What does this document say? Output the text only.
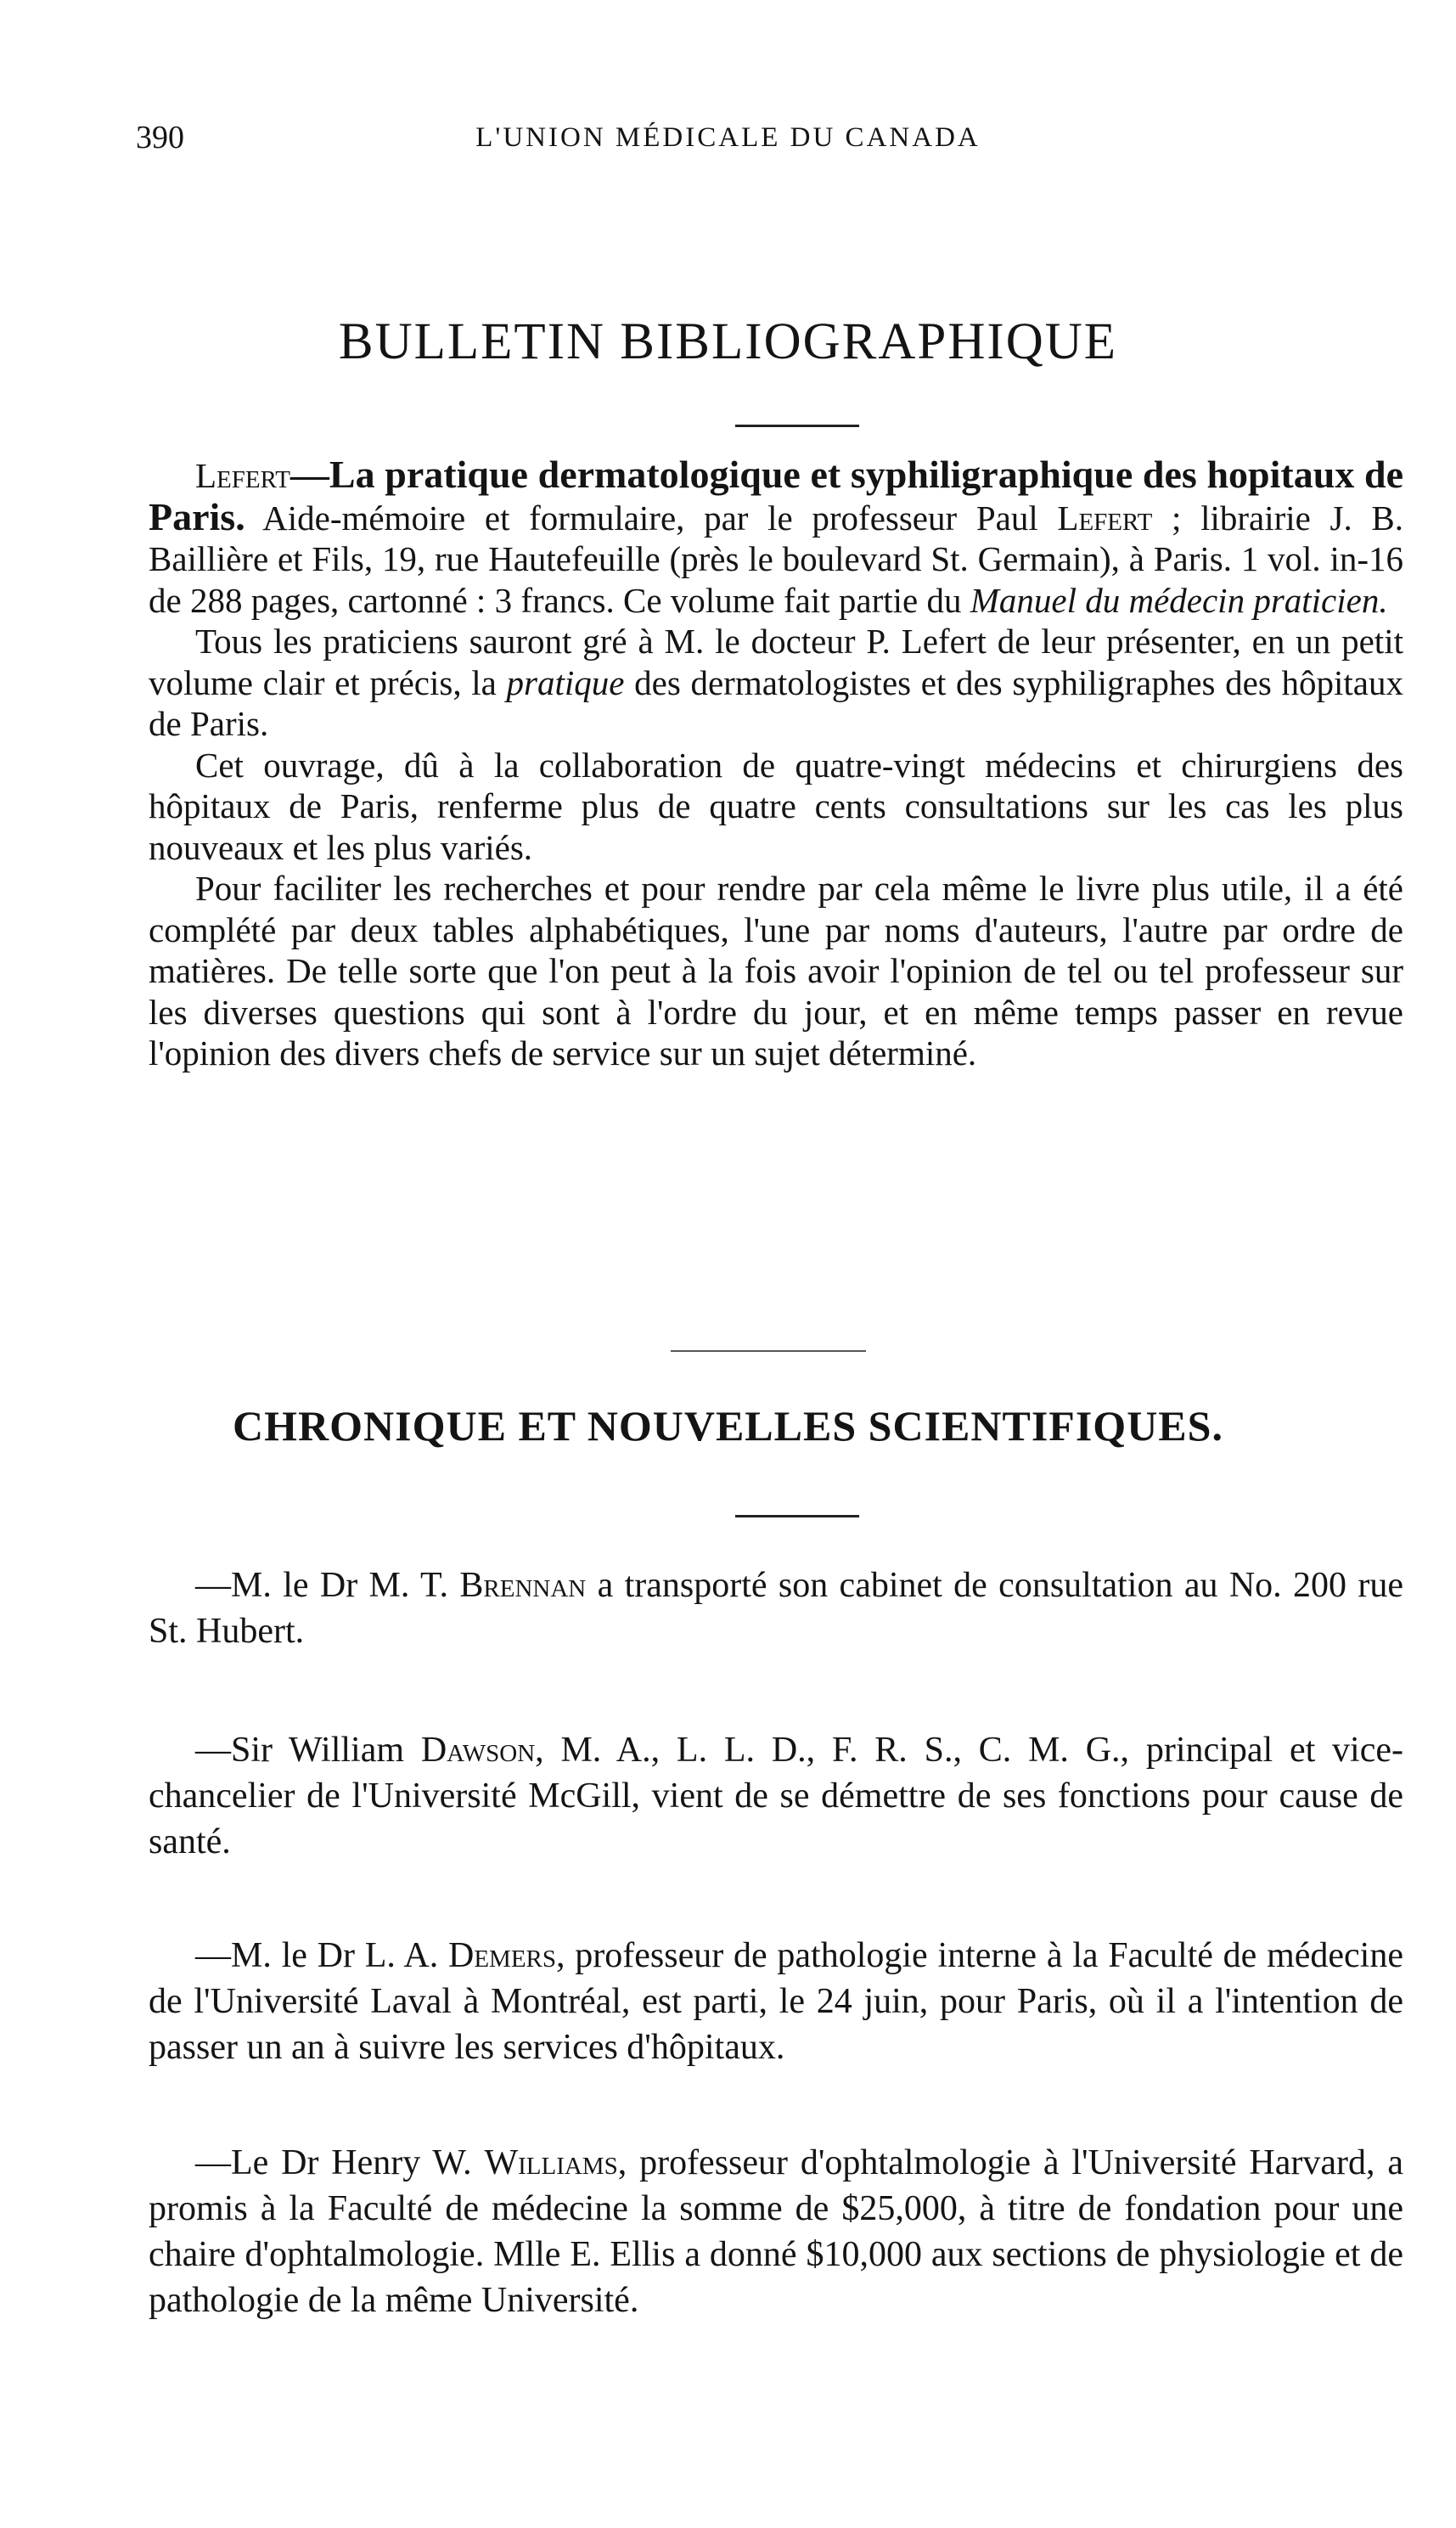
390	L'UNION MÉDICALE DU CANADA
BULLETIN BIBLIOGRAPHIQUE

Lefert—La pratique dermatologique et syphiligraphique des hopitaux de Paris. Aide-mémoire et formulaire, par le professeur Paul Lefert ; librairie J. B. Baillière et Fils, 19, rue Hautefeuille (près le boulevard St. Germain), à Paris. 1 vol. in-16 de 288 pages, cartonné : 3 francs. Ce volume fait partie du Manuel du médecin praticien.

Tous les praticiens sauront gré à M. le docteur P. Lefert de leur présenter, en un petit volume clair et précis, la pratique des dermatologistes et des syphiligraphes des hôpitaux de Paris.

Cet ouvrage, dû à la collaboration de quatre-vingt médecins et chirurgiens des hôpitaux de Paris, renferme plus de quatre cents consultations sur les cas les plus nouveaux et les plus variés.

Pour faciliter les recherches et pour rendre par cela même le livre plus utile, il a été complété par deux tables alphabétiques, l'une par noms d'auteurs, l'autre par ordre de matières. De telle sorte que l'on peut à la fois avoir l'opinion de tel ou tel professeur sur les diverses questions qui sont à l'ordre du jour, et en même temps passer en revue l'opinion des divers chefs de service sur un sujet déterminé.

CHRONIQUE ET NOUVELLES SCIENTIFIQUES.

—M. le Dr M. T. Brennan a transporté son cabinet de consultation au No. 200 rue St. Hubert.

—Sir William Dawson, M. A., L. L. D., F. R. S., C. M. G., principal et vice-chancelier de l'Université McGill, vient de se démettre de ses fonctions pour cause de santé.

—M. le Dr L. A. Demers, professeur de pathologie interne à la Faculté de médecine de l'Université Laval à Montréal, est parti, le 24 juin, pour Paris, où il a l'intention de passer un an à suivre les services d'hôpitaux.

—Le Dr Henry W. Williams, professeur d'ophtalmologie à l'Université Harvard, a promis à la Faculté de médecine la somme de $25,000, à titre de fondation pour une chaire d'ophtalmologie. Mlle E. Ellis a donné $10,000 aux sections de physiologie et de pathologie de la même Université.
